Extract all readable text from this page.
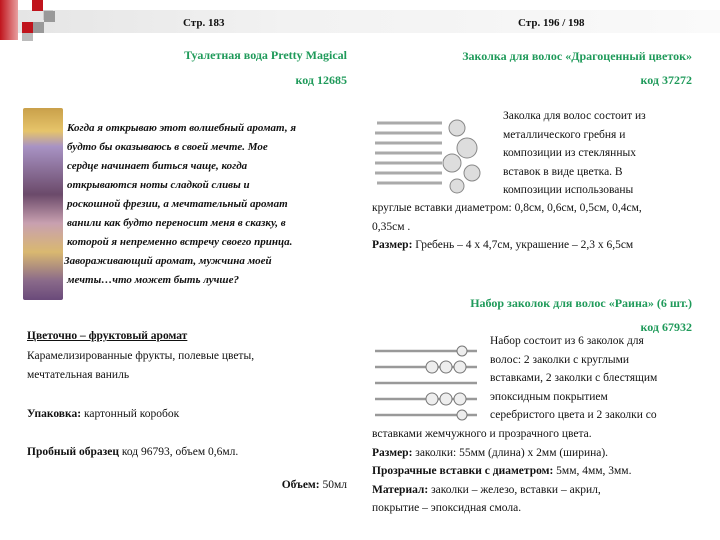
Стр. 183	Стр. 196 / 198
Туалетная вода Pretty Magical
код 12685
Когда я открываю этот волшебный аромат, я
будто бы оказываюсь в своей мечте. Мое
сердце начинает биться чаще, когда
открываются ноты сладкой сливы и
роскошной фрезии, а мечтательный аромат
ванили как будто переносит меня в сказку, в
которой я непременно встречу своего принца.
Завораживающий аромат, мужчина моей
мечты…что может быть лучше?
Цветочно – фруктовый аромат
Карамелизированные фрукты, полевые цветы,
мечтательная ваниль
Упаковка: картонный коробок
Пробный образец код 96793, объем 0,6мл.
Объем: 50мл
Заколка для волос «Драгоценный цветок»
код 37272
Заколка для волос состоит из
металлического гребня и
композиции из стеклянных
вставок в виде цветка. В
композиции использованы
круглые вставки диаметром: 0,8см, 0,6см, 0,5см, 0,4см,
0,35см .
Размер: Гребень – 4 х 4,7см, украшение – 2,3 х 6,5см
Набор заколок для волос «Раина» (6 шт.)
код 67932
Набор состоит из 6 заколок для
волос: 2 заколки с круглыми
вставками, 2 заколки с блестящим
эпоксидным покрытием
серебристого цвета и 2 заколки со
вставками жемчужного и прозрачного цвета.
Размер: заколки: 55мм (длина) х 2мм (ширина).
Прозрачные вставки с диаметром: 5мм, 4мм, 3мм.
Материал: заколки – железо, вставки – акрил,
покрытие – эпоксидная смола.
